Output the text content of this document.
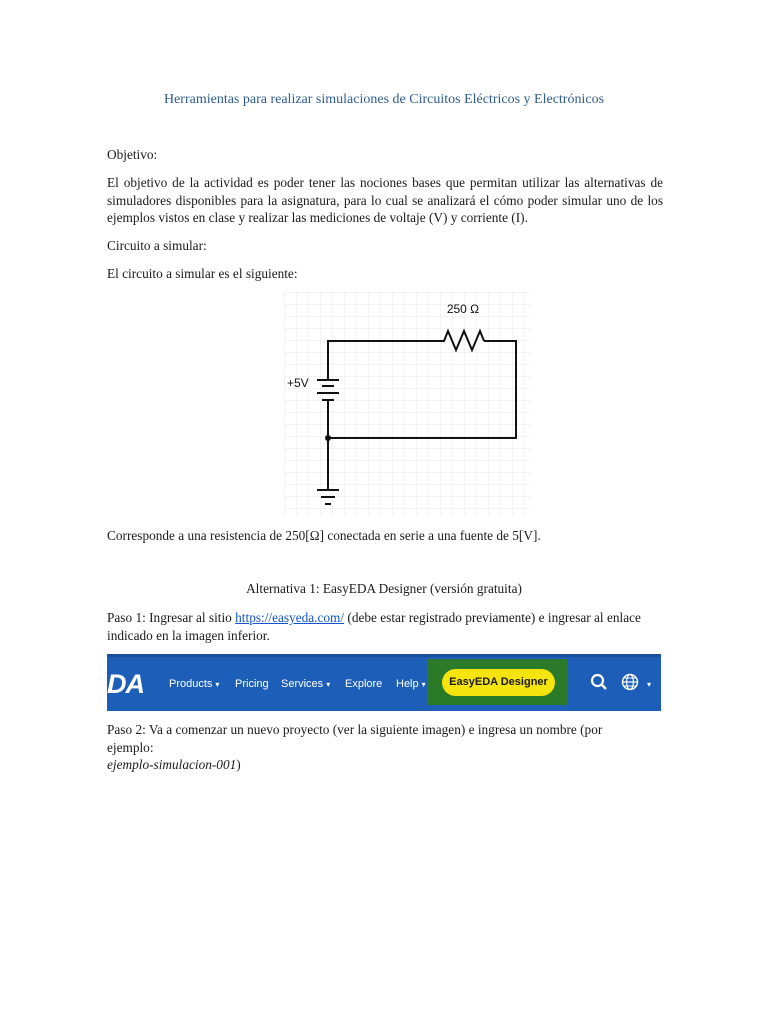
Herramientas para realizar simulaciones de Circuitos Eléctricos y Electrónicos
Objetivo:
El objetivo de la actividad es poder tener las nociones bases que permitan utilizar las alternativas de simuladores disponibles para la asignatura, para lo cual se analizará el cómo poder simular uno de los ejemplos vistos en clase y realizar las mediciones de voltaje (V) y corriente (I).
Circuito a simular:
El circuito a simular es el siguiente:
250 Ω
+5V
Corresponde a una resistencia de 250[Ω] conectada en serie a una fuente de 5[V].
Alternativa 1: EasyEDA Designer (versión gratuita)
Paso 1: Ingresar al sitio https://easyeda.com/ (debe estar registrado previamente) e ingresar al enlace indicado en la imagen inferior.
DA Products ▾ Pricing Services ▾ Explore Help ▾	EasyEDA Designer	▾
Paso 2: Va a comenzar un nuevo proyecto (ver la siguiente imagen) e ingresa un nombre (por ejemplo:
ejemplo-simulacion-001)
